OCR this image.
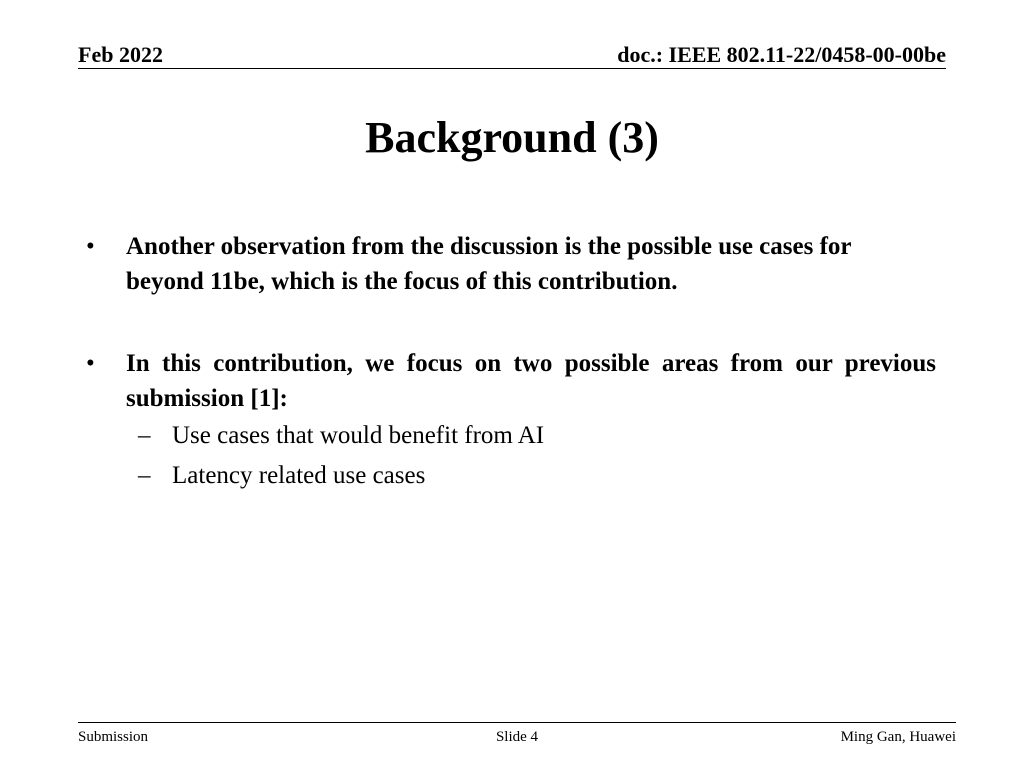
Feb 2022	doc.: IEEE 802.11-22/0458-00-00be
Background (3)
• Another observation from the discussion is the possible use cases for beyond 11be, which is the focus of this contribution.
• In this contribution, we focus on two possible areas from our previous submission [1]:
– Use cases that would benefit from AI
– Latency related use cases
Submission	Slide 4	Ming Gan, Huawei
